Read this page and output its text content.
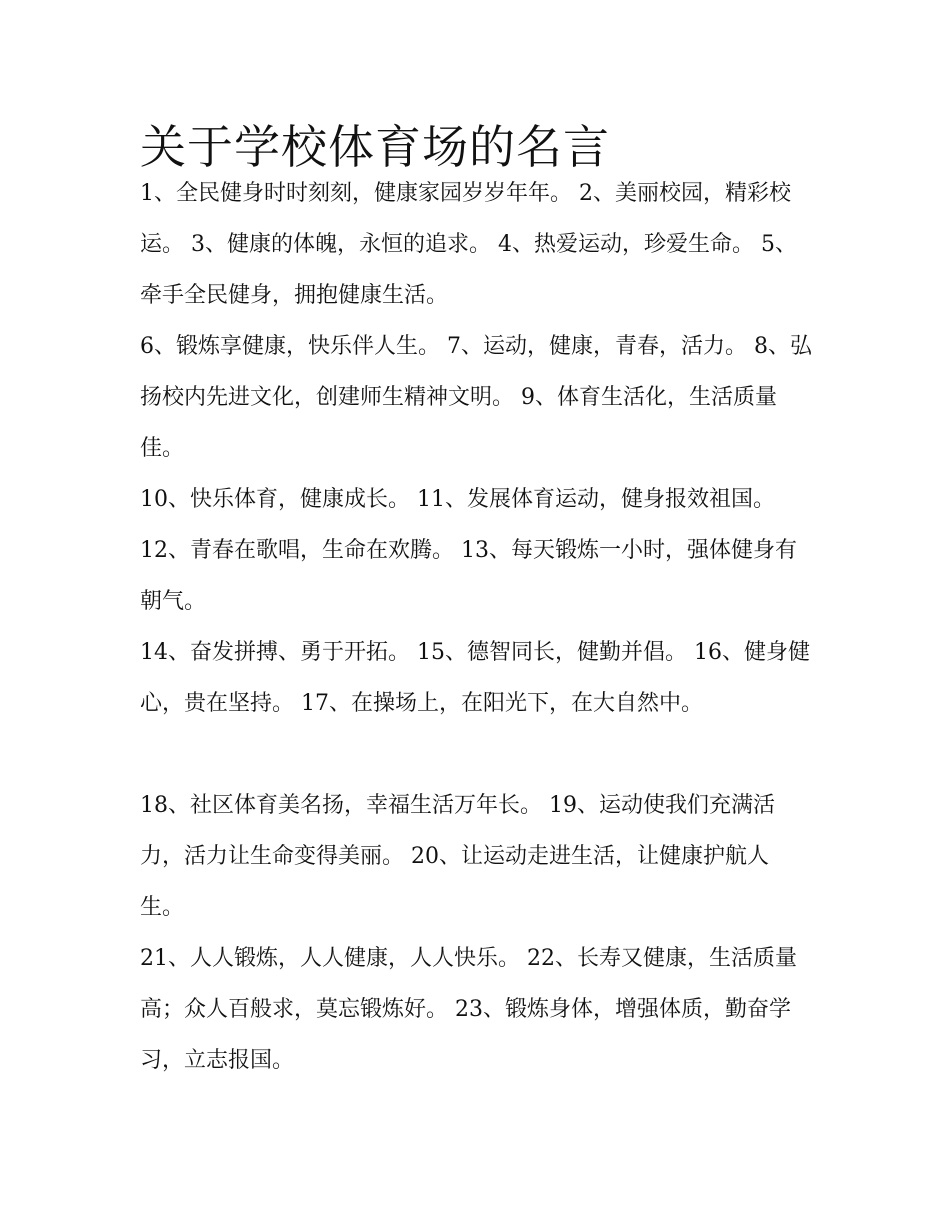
关于学校体育场的名言

1、全民健身时时刻刻，健康家园岁岁年年。 2、美丽校园，精彩校运。 3、健康的体魄，永恒的追求。 4、热爱运动，珍爱生命。 5、牵手全民健身，拥抱健康生活。

6、锻炼享健康，快乐伴人生。 7、运动，健康，青春，活力。 8、弘扬校内先进文化，创建师生精神文明。 9、体育生活化，生活质量佳。

10、快乐体育，健康成长。 11、发展体育运动，健身报效祖国。 12、青春在歌唱，生命在欢腾。 13、每天锻炼一小时，强体健身有朝气。

14、奋发拼搏、勇于开拓。 15、德智同长，健勤并倡。 16、健身健心，贵在坚持。 17、在操场上，在阳光下，在大自然中。

18、社区体育美名扬，幸福生活万年长。 19、运动使我们充满活力，活力让生命变得美丽。 20、让运动走进生活，让健康护航人生。

21、人人锻炼，人人健康，人人快乐。 22、长寿又健康，生活质量高；众人百般求，莫忘锻炼好。 23、锻炼身体，增强体质，勤奋学习，立志报国。
